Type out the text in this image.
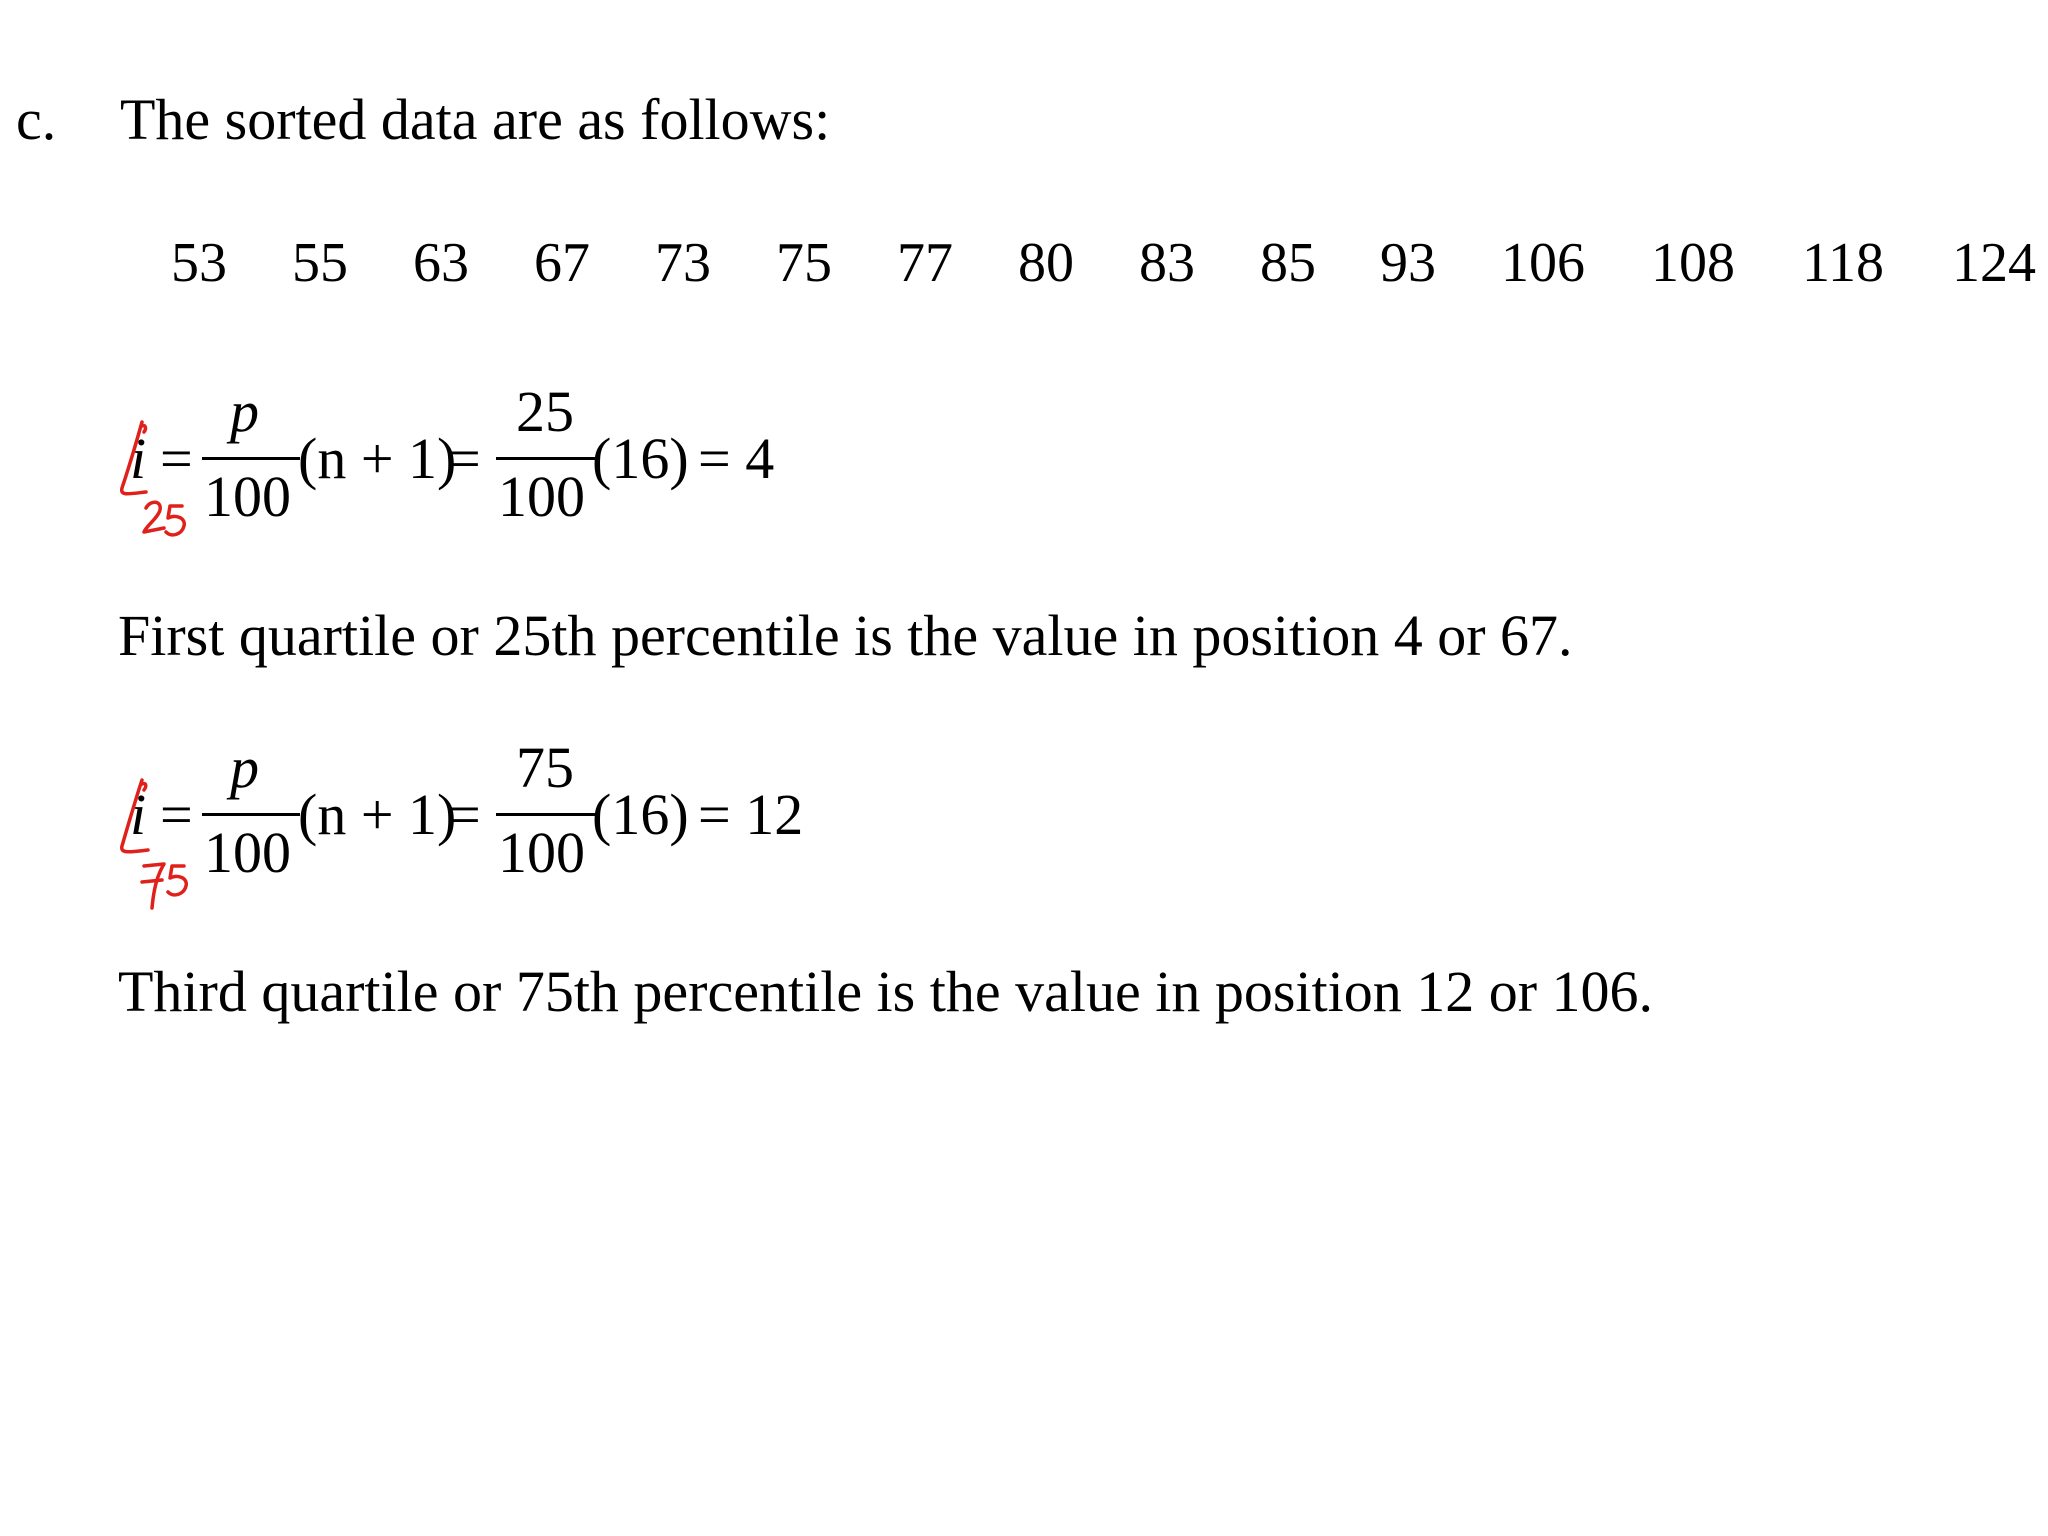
c. The sorted data are as follows:
53 55 63 67 73 75 77 80 83 85 93 106 108 118 124
i =
p
100
(n + 1)
=
25
100
(16) = 4
First quartile or 25th percentile is the value in position 4 or 67.
i =
p
100
(n + 1)
=
75
100
(16) = 12
Third quartile or 75th percentile is the value in position 12 or 106.
